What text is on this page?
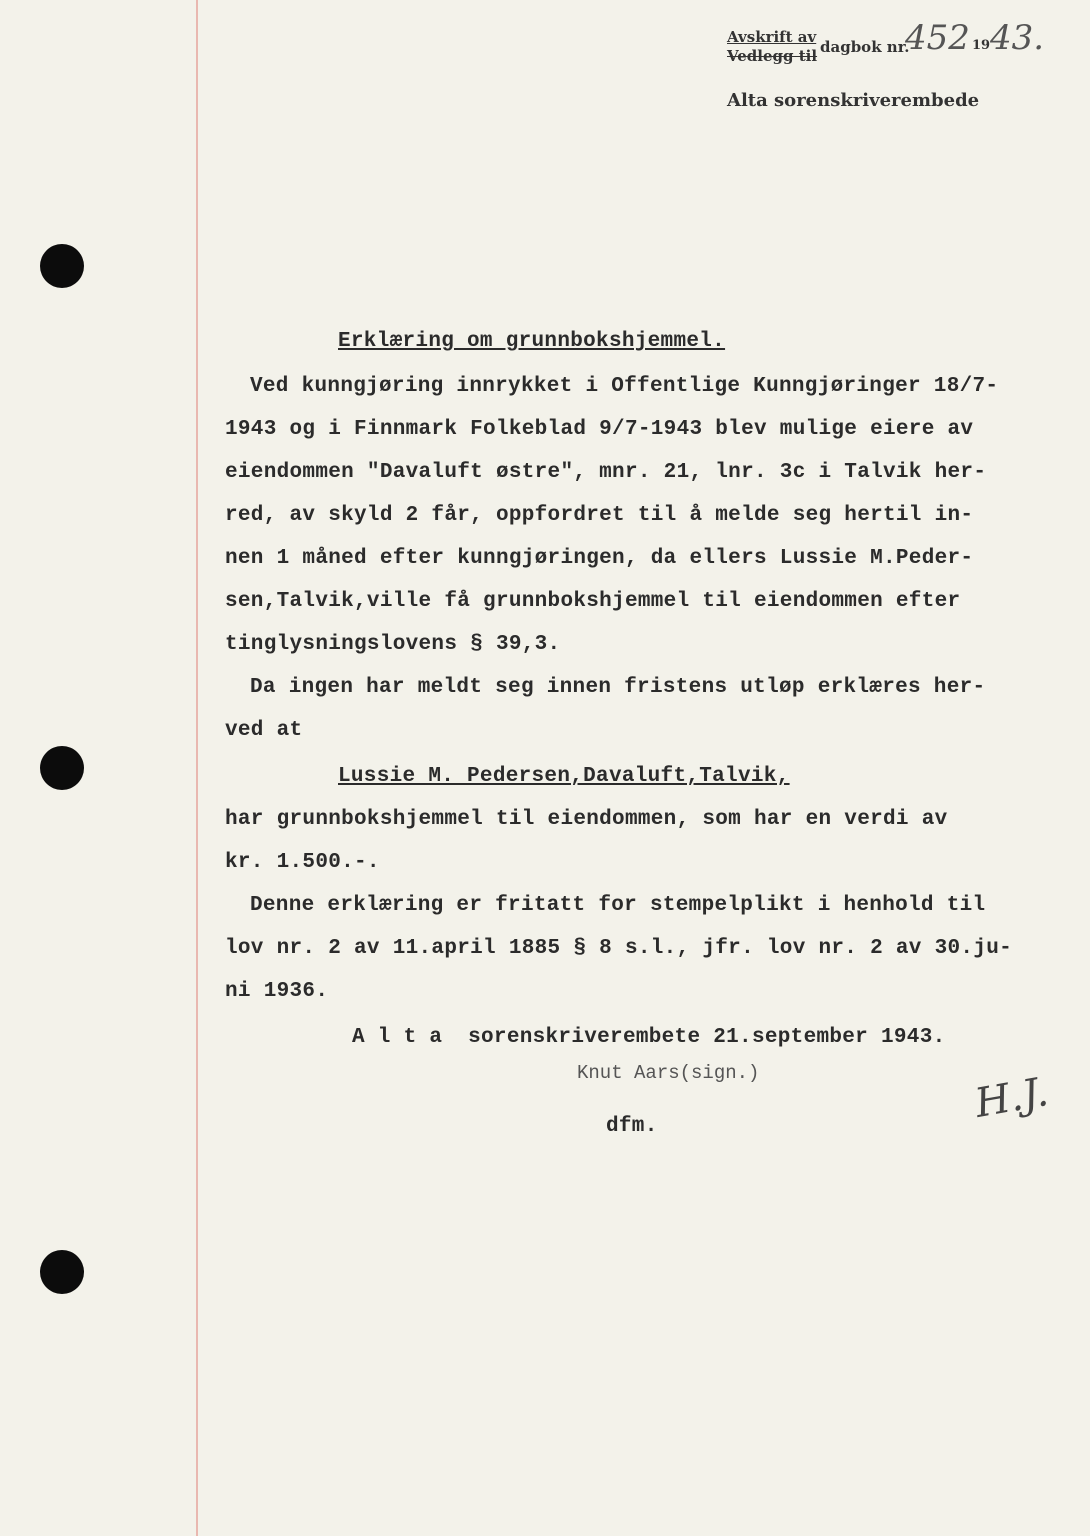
Avskrift av
Vedlegg til dagbok nr.
452 19 43.
Alta sorenskriverembede
Erklæring om grunnbokshjemmel.
Ved kunngjøring innrykket i Offentlige Kunngjøringer 18/7-
1943 og i Finnmark Folkeblad 9/7-1943 blev mulige eiere av
eiendommen "Davaluft østre", mnr. 21, lnr. 3c i Talvik her-
red, av skyld 2 får, oppfordret til å melde seg hertil in-
nen 1 måned efter kunngjøringen, da ellers Lussie M.Peder-
sen,Talvik,ville få grunnbokshjemmel til eiendommen efter
tinglysningslovens § 39,3.
Da ingen har meldt seg innen fristens utløp erklæres her-
ved at
Lussie M. Pedersen,Davaluft,Talvik,
har grunnbokshjemmel til eiendommen, som har en verdi av
kr. 1.500.-.
Denne erklæring er fritatt for stempelplikt i henhold til
lov nr. 2 av 11.april 1885 § 8 s.l., jfr. lov nr. 2 av 30.ju-
ni 1936.
A l t a  sorenskriverembete 21.september 1943.
Knut Aars(sign.)
dfm.	H.J.
